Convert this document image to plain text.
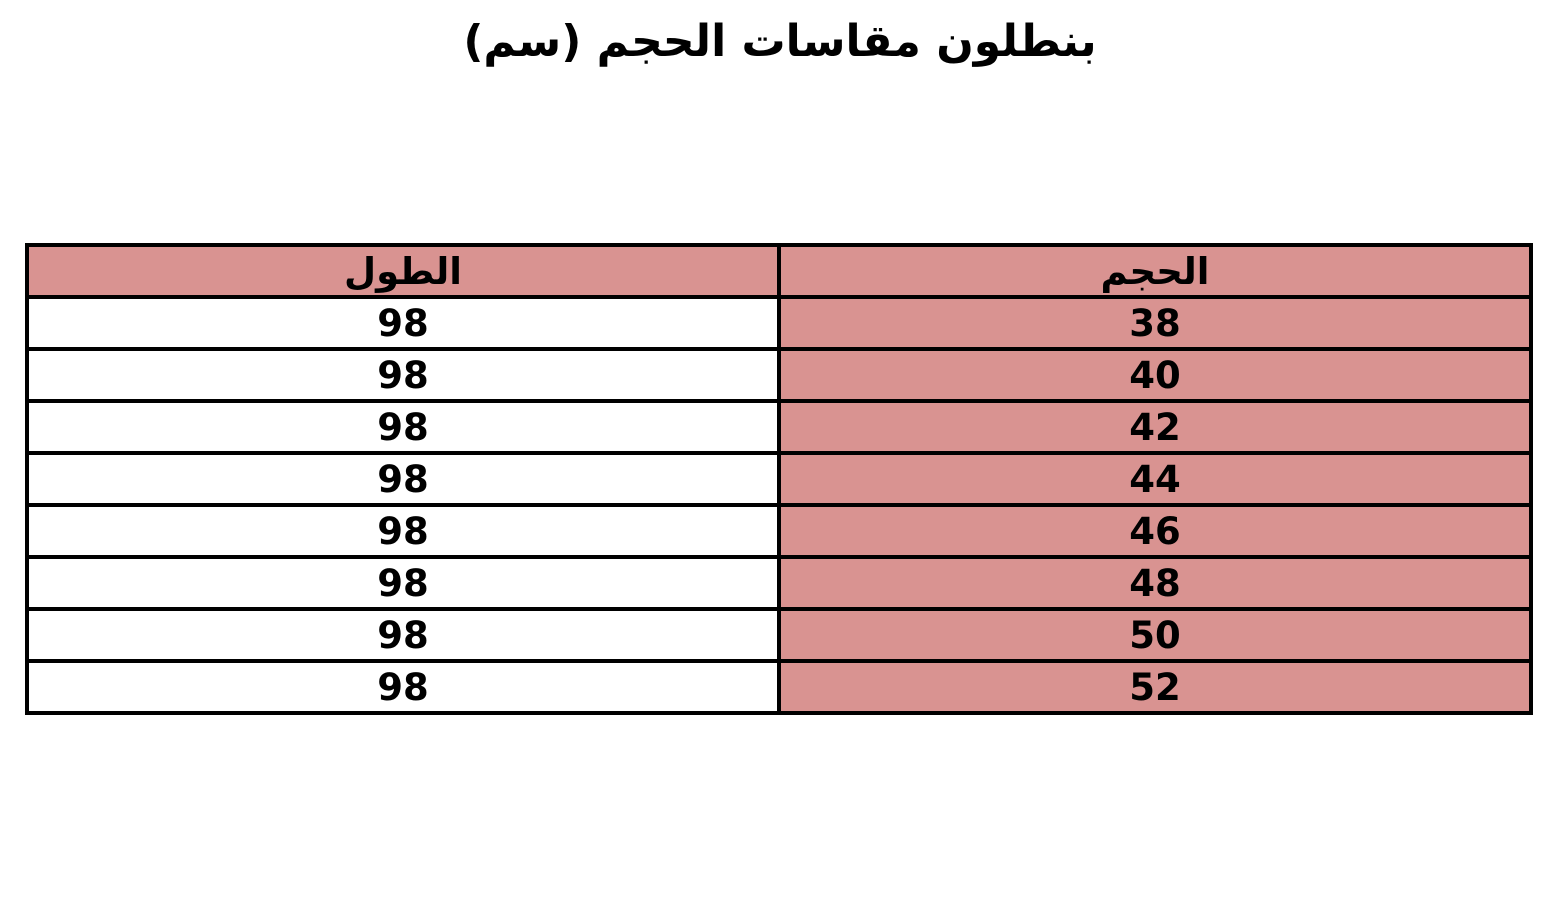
بنطلون مقاسات الحجم (سم)
الحجم	الطول
38	98
40	98
42	98
44	98
46	98
48	98
50	98
52	98
